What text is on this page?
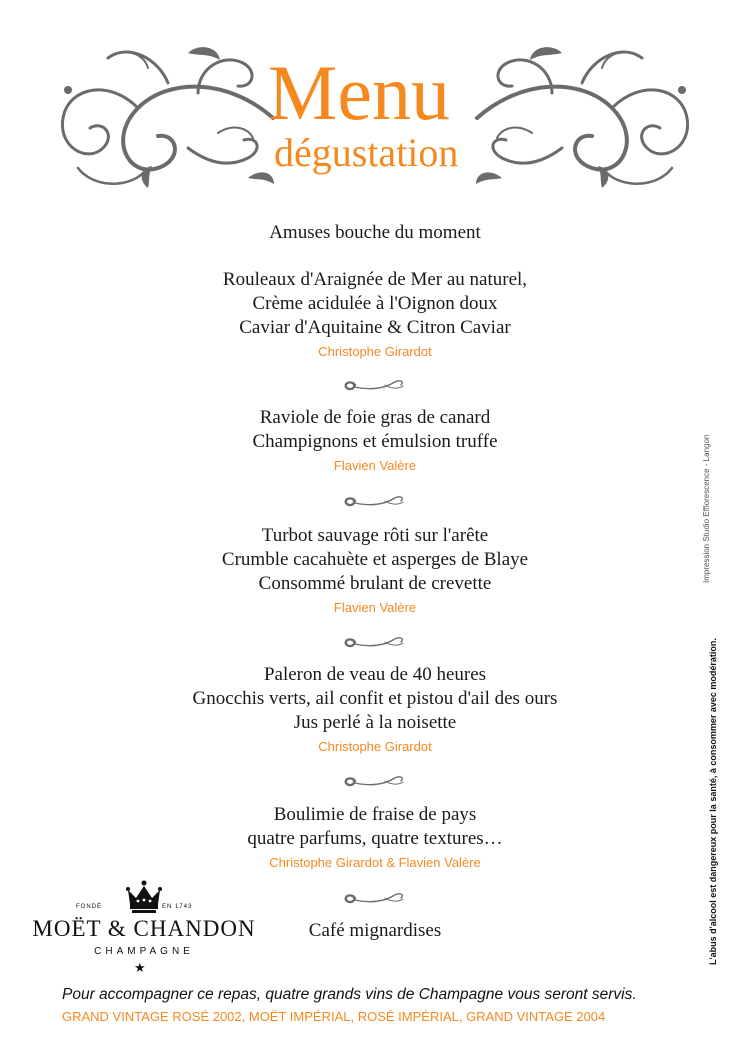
Menu
dégustation

Amuses bouche du moment

Rouleaux d'Araignée de Mer au naturel,

Crème acidulée à l'Oignon doux

Caviar d'Aquitaine & Citron Caviar

Christophe Girardot

Raviole de foie gras de canard

Champignons et émulsion truffe

Flavien Valère

Turbot sauvage rôti sur l'arête

Crumble cacahuète et asperges de Blaye

Consommé brulant de crevette

Flavien Valère

Paleron de veau de 40 heures

Gnocchis verts, ail confit et pistou d'ail des ours

Jus perlé à la noisette

Christophe Girardot

Boulimie de fraise de pays

quatre parfums, quatre textures…

Christophe Girardot & Flavien Valère

Café mignardises

Impression Studio Efflorescence - Langon
L'abus d'alcool est dangereux pour la santé, à consommer avec modération.
FONDÉ	EN 1743
MOËT & CHANDON
CHAMPAGNE
★
Pour accompagner ce repas, quatre grands vins de Champagne vous seront servis.
GRAND VINTAGE ROSÉ 2002, MOËT IMPÉRIAL, ROSÉ IMPÉRIAL, GRAND VINTAGE 2004
